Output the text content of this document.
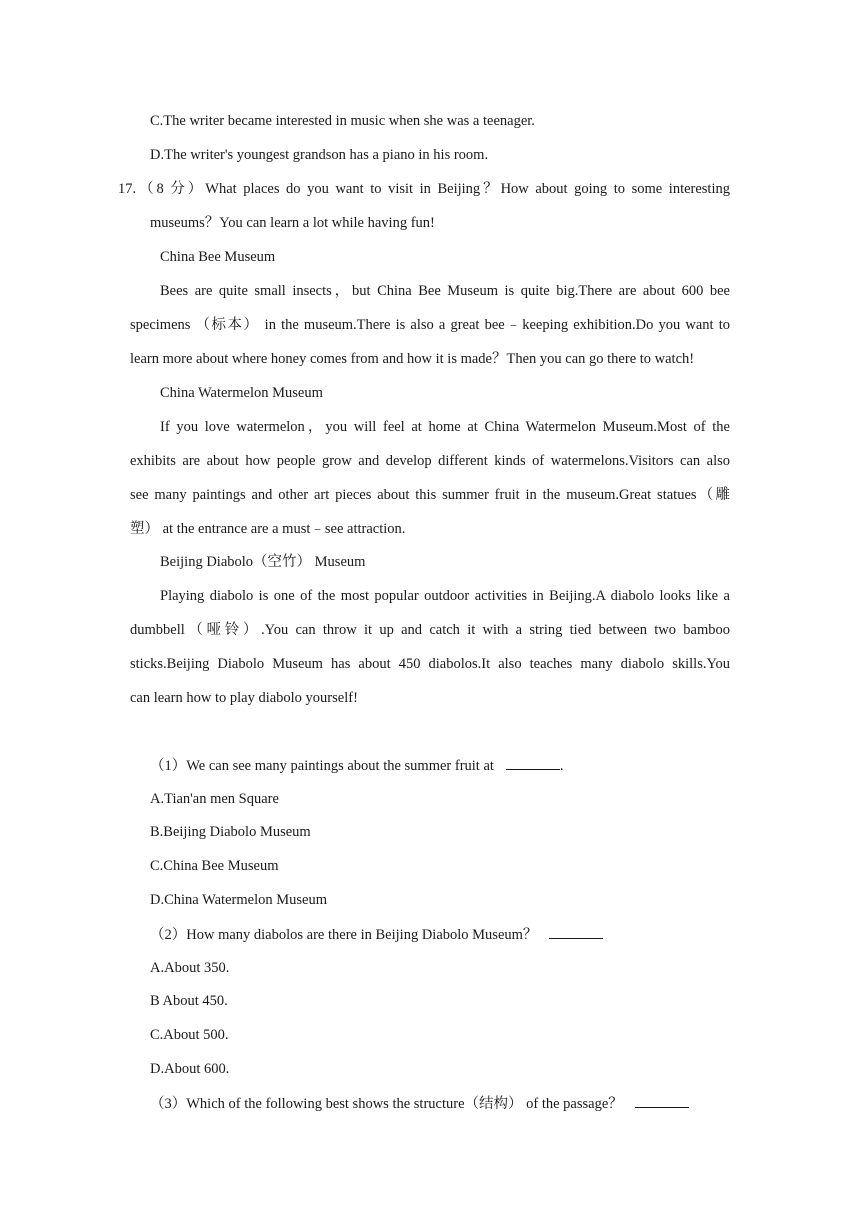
C.The writer became interested in music when she was a teenager.

D.The writer's youngest grandson has a piano in his room.

17.（8 分）What places do you want to visit in Beijing？How about going to some interesting

museums？You can learn a lot while having fun!

China Bee Museum

Bees are quite small insects，but China Bee Museum is quite big.There are about 600 bee

specimens （标本） in the museum.There is also a great bee﹣keeping exhibition.Do you want to

learn more about where honey comes from and how it is made？Then you can go there to watch!

China Watermelon Museum

If you love watermelon，you will feel at home at China Watermelon Museum.Most of the

exhibits are about how people grow and develop different kinds of watermelons.Visitors can also

see many paintings and other art pieces about this summer fruit in the museum.Great statues（雕

塑） at the entrance are a must﹣see attraction.

Beijing Diabolo（空竹） Museum

Playing diabolo is one of the most popular outdoor activities in Beijing.A diabolo looks like a

dumbbell（哑铃）.You can throw it up and catch it with a string tied between two bamboo

sticks.Beijing Diabolo Museum has about 450 diabolos.It also teaches many diabolo skills.You

can learn how to play diabolo yourself!

（1）We can see many paintings about the summer fruit at	.

A.Tian'an men Square

B.Beijing Diabolo Museum

C.China Bee Museum

D.China Watermelon Museum

（2）How many diabolos are there in Beijing Diabolo Museum？

A.About 350.

B About 450.

C.About 500.

D.About 600.

（3）Which of the following best shows the structure（结构） of the passage？
